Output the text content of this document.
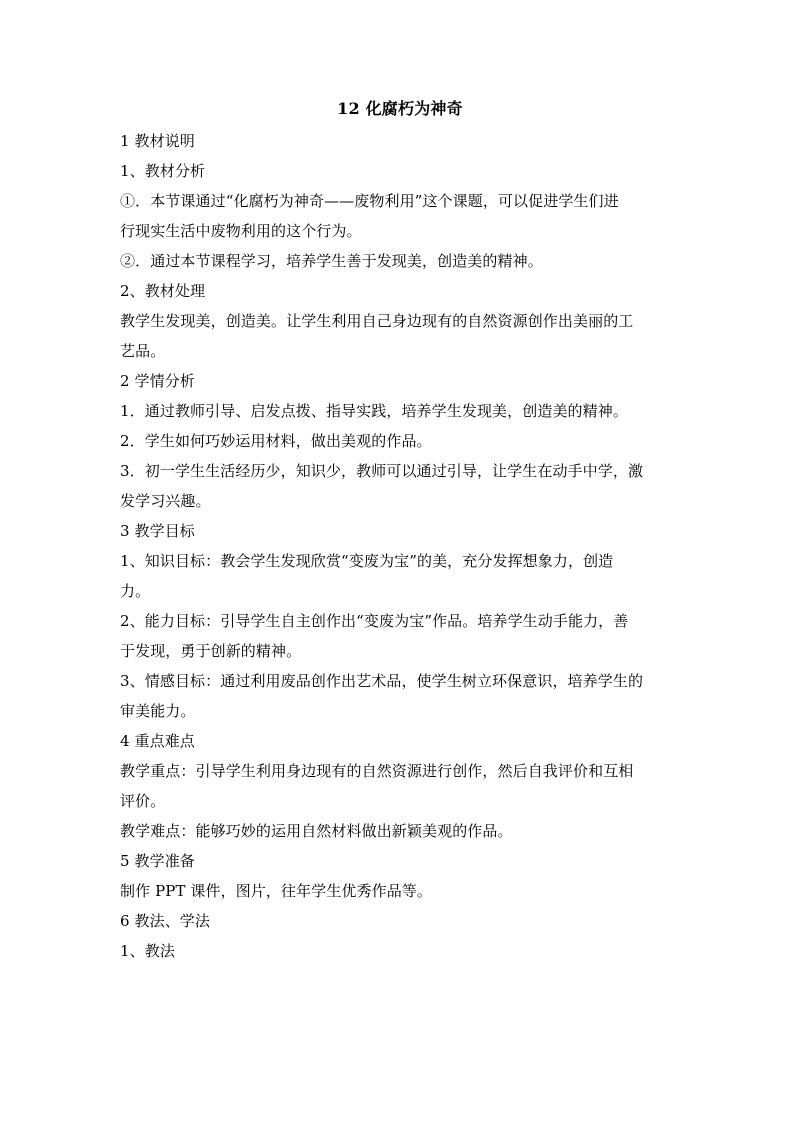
12 化腐朽为神奇

1 教材说明

1、教材分析

①．本节课通过“化腐朽为神奇——废物利用”这个课题，可以促进学生们进

行现实生活中废物利用的这个行为。

②．通过本节课程学习，培养学生善于发现美，创造美的精神。

2、教材处理

教学生发现美，创造美。让学生利用自己身边现有的自然资源创作出美丽的工

艺品。

2 学情分析

1．通过教师引导、启发点拨、指导实践，培养学生发现美，创造美的精神。

2．学生如何巧妙运用材料，做出美观的作品。

3．初一学生生活经历少，知识少，教师可以通过引导，让学生在动手中学，激

发学习兴趣。

3 教学目标

1、知识目标：教会学生发现欣赏“变废为宝”的美，充分发挥想象力，创造

力。

2、能力目标：引导学生自主创作出“变废为宝”作品。培养学生动手能力，善

于发现，勇于创新的精神。

3、情感目标：通过利用废品创作出艺术品，使学生树立环保意识，培养学生的

审美能力。

4 重点难点

教学重点：引导学生利用身边现有的自然资源进行创作，然后自我评价和互相

评价。

教学难点：能够巧妙的运用自然材料做出新颖美观的作品。

5 教学准备

制作 PPT 课件，图片，往年学生优秀作品等。

6 教法、学法

1、教法
